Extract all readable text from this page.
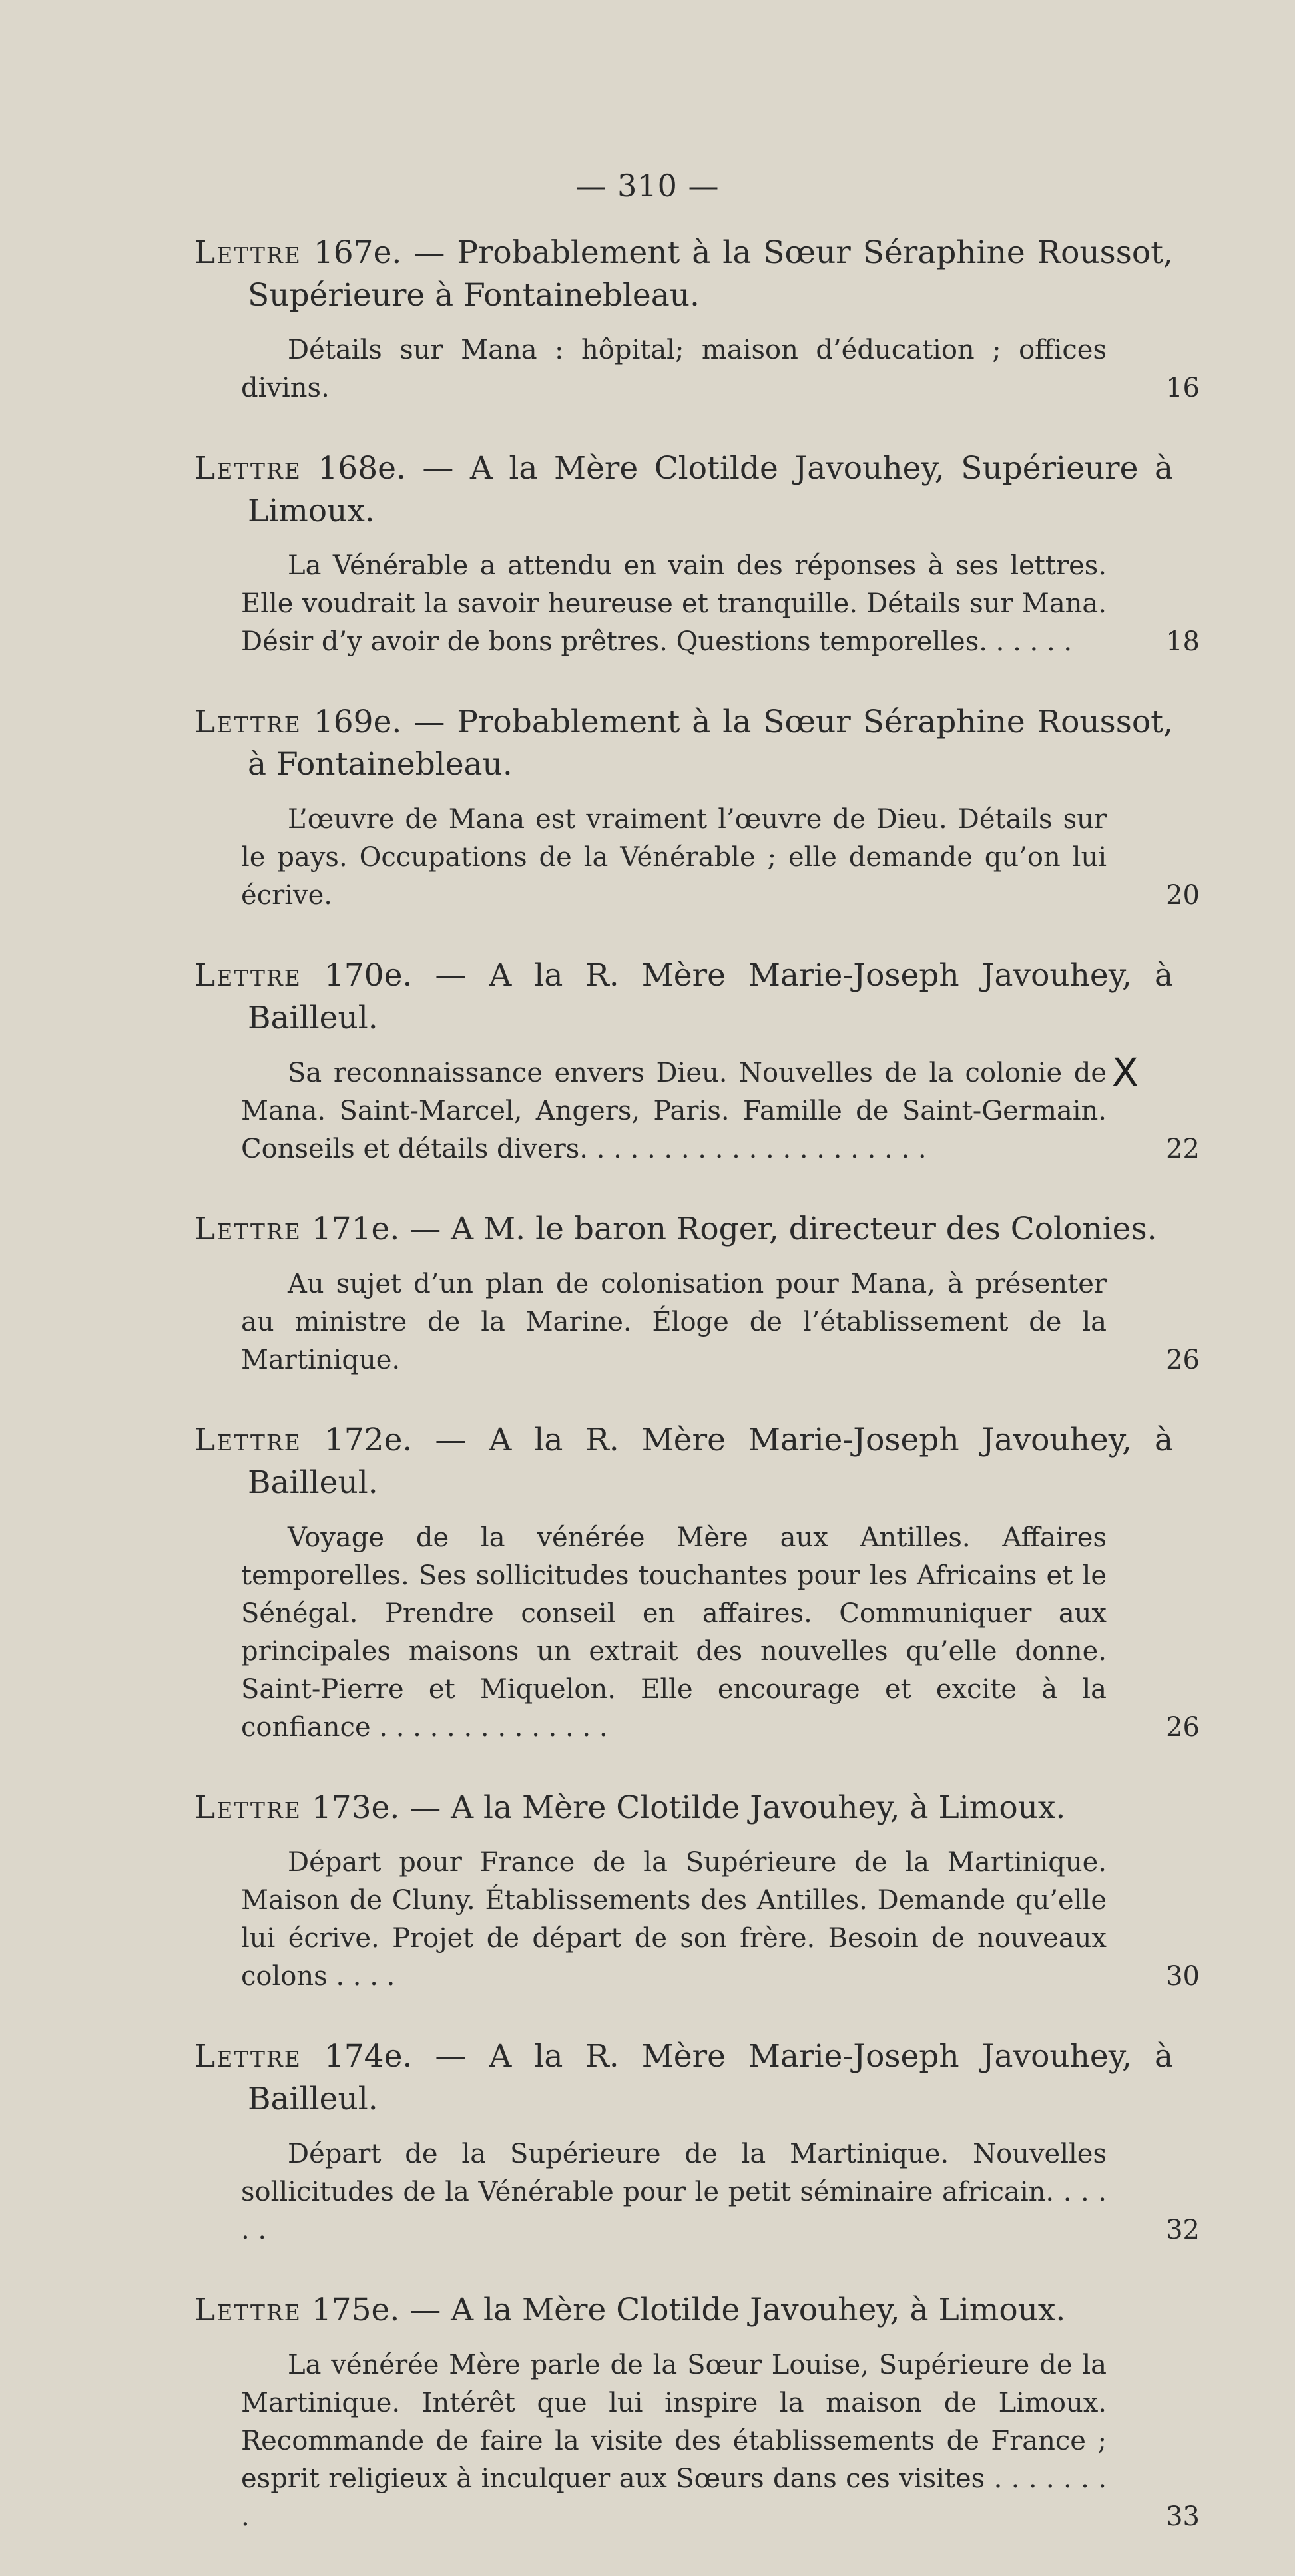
— 310 —
Lettre 167e. — Probablement à la Sœur Séraphine Roussot, Supérieure à Fontainebleau.
Détails sur Mana : hôpital; maison d’éducation ; offices divins.	16
Lettre 168e. — A la Mère Clotilde Javouhey, Supérieure à Limoux.
La Vénérable a attendu en vain des réponses à ses lettres. Elle voudrait la savoir heureuse et tranquille. Détails sur Mana. Désir d’y avoir de bons prêtres. Questions temporelles. . . . . .	18
Lettre 169e. — Probablement à la Sœur Séraphine Roussot, à Fontainebleau.
L’œuvre de Mana est vraiment l’œuvre de Dieu. Détails sur le pays. Occupations de la Vénérable ; elle demande qu’on lui écrive.	20
Lettre 170e. — A la R. Mère Marie-Joseph Javouhey, à Bailleul.
Sa reconnaissance envers Dieu. Nouvelles de la colonie de Mana. Saint-Marcel, Angers, Paris. Famille de Saint-Germain. Conseils et détails divers. . . . . . . . . . . . . . . . . . . . .	22
Lettre 171e. — A M. le baron Roger, directeur des Colonies.
Au sujet d’un plan de colonisation pour Mana, à présenter au ministre de la Marine. Éloge de l’établissement de la Martinique.	26
Lettre 172e. — A la R. Mère Marie-Joseph Javouhey, à Bailleul.
Voyage de la vénérée Mère aux Antilles. Affaires temporelles. Ses sollicitudes touchantes pour les Africains et le Sénégal. Prendre conseil en affaires. Communiquer aux principales maisons un extrait des nouvelles qu’elle donne. Saint-Pierre et Miquelon. Elle encourage et excite à la confiance . . . . . . . . . . . . . .	26
Lettre 173e. — A la Mère Clotilde Javouhey, à Limoux.
Départ pour France de la Supérieure de la Martinique. Maison de Cluny. Établissements des Antilles. Demande qu’elle lui écrive. Projet de départ de son frère. Besoin de nouveaux colons . . . .	30
Lettre 174e. — A la R. Mère Marie-Joseph Javouhey, à Bailleul.
Départ de la Supérieure de la Martinique. Nouvelles sollicitudes de la Vénérable pour le petit séminaire africain. . . . . .	32
Lettre 175e. — A la Mère Clotilde Javouhey, à Limoux.
La vénérée Mère parle de la Sœur Louise, Supérieure de la Martinique. Intérêt que lui inspire la maison de Limoux. Recommande de faire la visite des établissements de France ; esprit religieux à inculquer aux Sœurs dans ces visites . . . . . . . .	33
X
